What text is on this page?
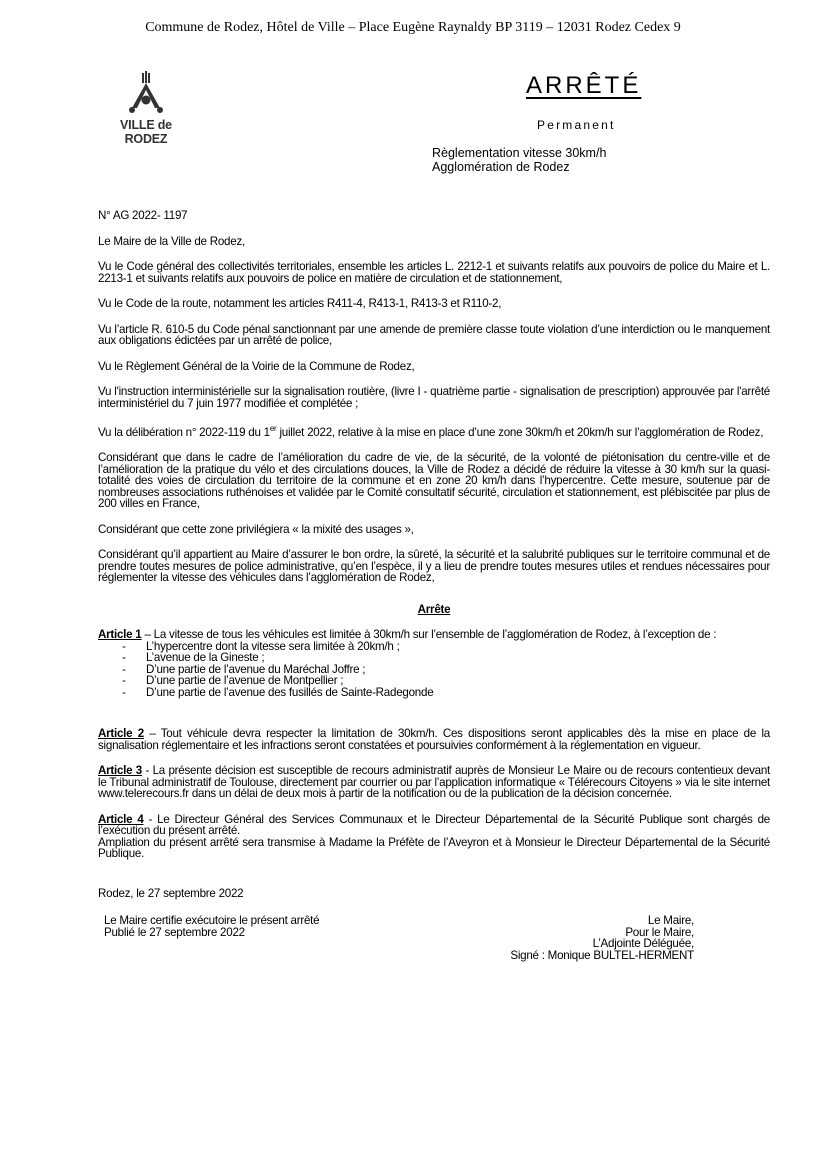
Commune de Rodez, Hôtel de Ville – Place Eugène Raynaldy BP 3119 – 12031 Rodez Cedex 9
VILLE de RODEZ
ARRÊTÉ
Permanent
Règlementation vitesse 30km/h
Agglomération de Rodez

N° AG 2022- 1197

Le Maire de la Ville de Rodez,

Vu le Code général des collectivités territoriales, ensemble les articles L. 2212-1 et suivants relatifs aux pouvoirs de police du Maire et L. 2213-1 et suivants relatifs aux pouvoirs de police en matière de circulation et de stationnement,

Vu le Code de la route, notamment les articles R411-4, R413-1, R413-3 et R110-2,

Vu l’article R. 610-5 du Code pénal sanctionnant par une amende de première classe toute violation d’une interdiction ou le manquement aux obligations édictées par un arrêté de police,

Vu le Règlement Général de la Voirie de la Commune de Rodez,

Vu l'instruction interministérielle sur la signalisation routière, (livre I - quatrième partie - signalisation de prescription) approuvée par l'arrêté interministériel du 7 juin 1977 modifiée et complétée ;

Vu la délibération n° 2022-119 du 1er juillet 2022, relative à la mise en place d’une zone 30km/h et 20km/h sur l’agglomération de Rodez,

Considérant que dans le cadre de l’amélioration du cadre de vie, de la sécurité, de la volonté de piétonisation du centre-ville et de l’amélioration de la pratique du vélo et des circulations douces, la Ville de Rodez a décidé de réduire la vitesse à 30 km/h sur la quasi-totalité des voies de circulation du territoire de la commune et en zone 20 km/h dans l’hypercentre. Cette mesure, soutenue par de nombreuses associations ruthénoises et validée par le Comité consultatif sécurité, circulation et stationnement, est plébiscitée par plus de 200 villes en France,

Considérant que cette zone privilégiera « la mixité des usages »,

Considérant qu’il appartient au Maire d’assurer le bon ordre, la sûreté, la sécurité et la salubrité publiques sur le territoire communal et de prendre toutes mesures de police administrative, qu’en l’espèce, il y a lieu de prendre toutes mesures utiles et rendues nécessaires pour réglementer la vitesse des véhicules dans l’agglomération de Rodez,

Arrête

Article 1 – La vitesse de tous les véhicules est limitée à 30km/h sur l’ensemble de l’agglomération de Rodez, à l’exception de :

- L’hypercentre dont la vitesse sera limitée à 20km/h ;
- L’avenue de la Gineste ;
- D’une partie de l’avenue du Maréchal Joffre ;
- D’une partie de l’avenue de Montpellier ;
- D’une partie de l’avenue des fusillés de Sainte-Radegonde

Article 2 – Tout véhicule devra respecter la limitation de 30km/h. Ces dispositions seront applicables dès la mise en place de la signalisation réglementaire et les infractions seront constatées et poursuivies conformément à la réglementation en vigueur.

Article 3 - La présente décision est susceptible de recours administratif auprès de Monsieur Le Maire ou de recours contentieux devant le Tribunal administratif de Toulouse, directement par courrier ou par l’application informatique « Télérecours Citoyens » via le site internet www.telerecours.fr dans un délai de deux mois à partir de la notification ou de la publication de la décision concernée.

Article 4 - Le Directeur Général des Services Communaux et le Directeur Départemental de la Sécurité Publique sont chargés de l’exécution du présent arrêté.

Ampliation du présent arrêté sera transmise à Madame la Préfète de l’Aveyron et à Monsieur le Directeur Départemental de la Sécurité Publique.

Rodez, le 27 septembre 2022

Le Maire certifie exécutoire le présent arrêté
Publié le 27 septembre 2022
Le Maire,
Pour le Maire,
L’Adjointe Déléguée,
Signé : Monique BULTEL-HERMENT
